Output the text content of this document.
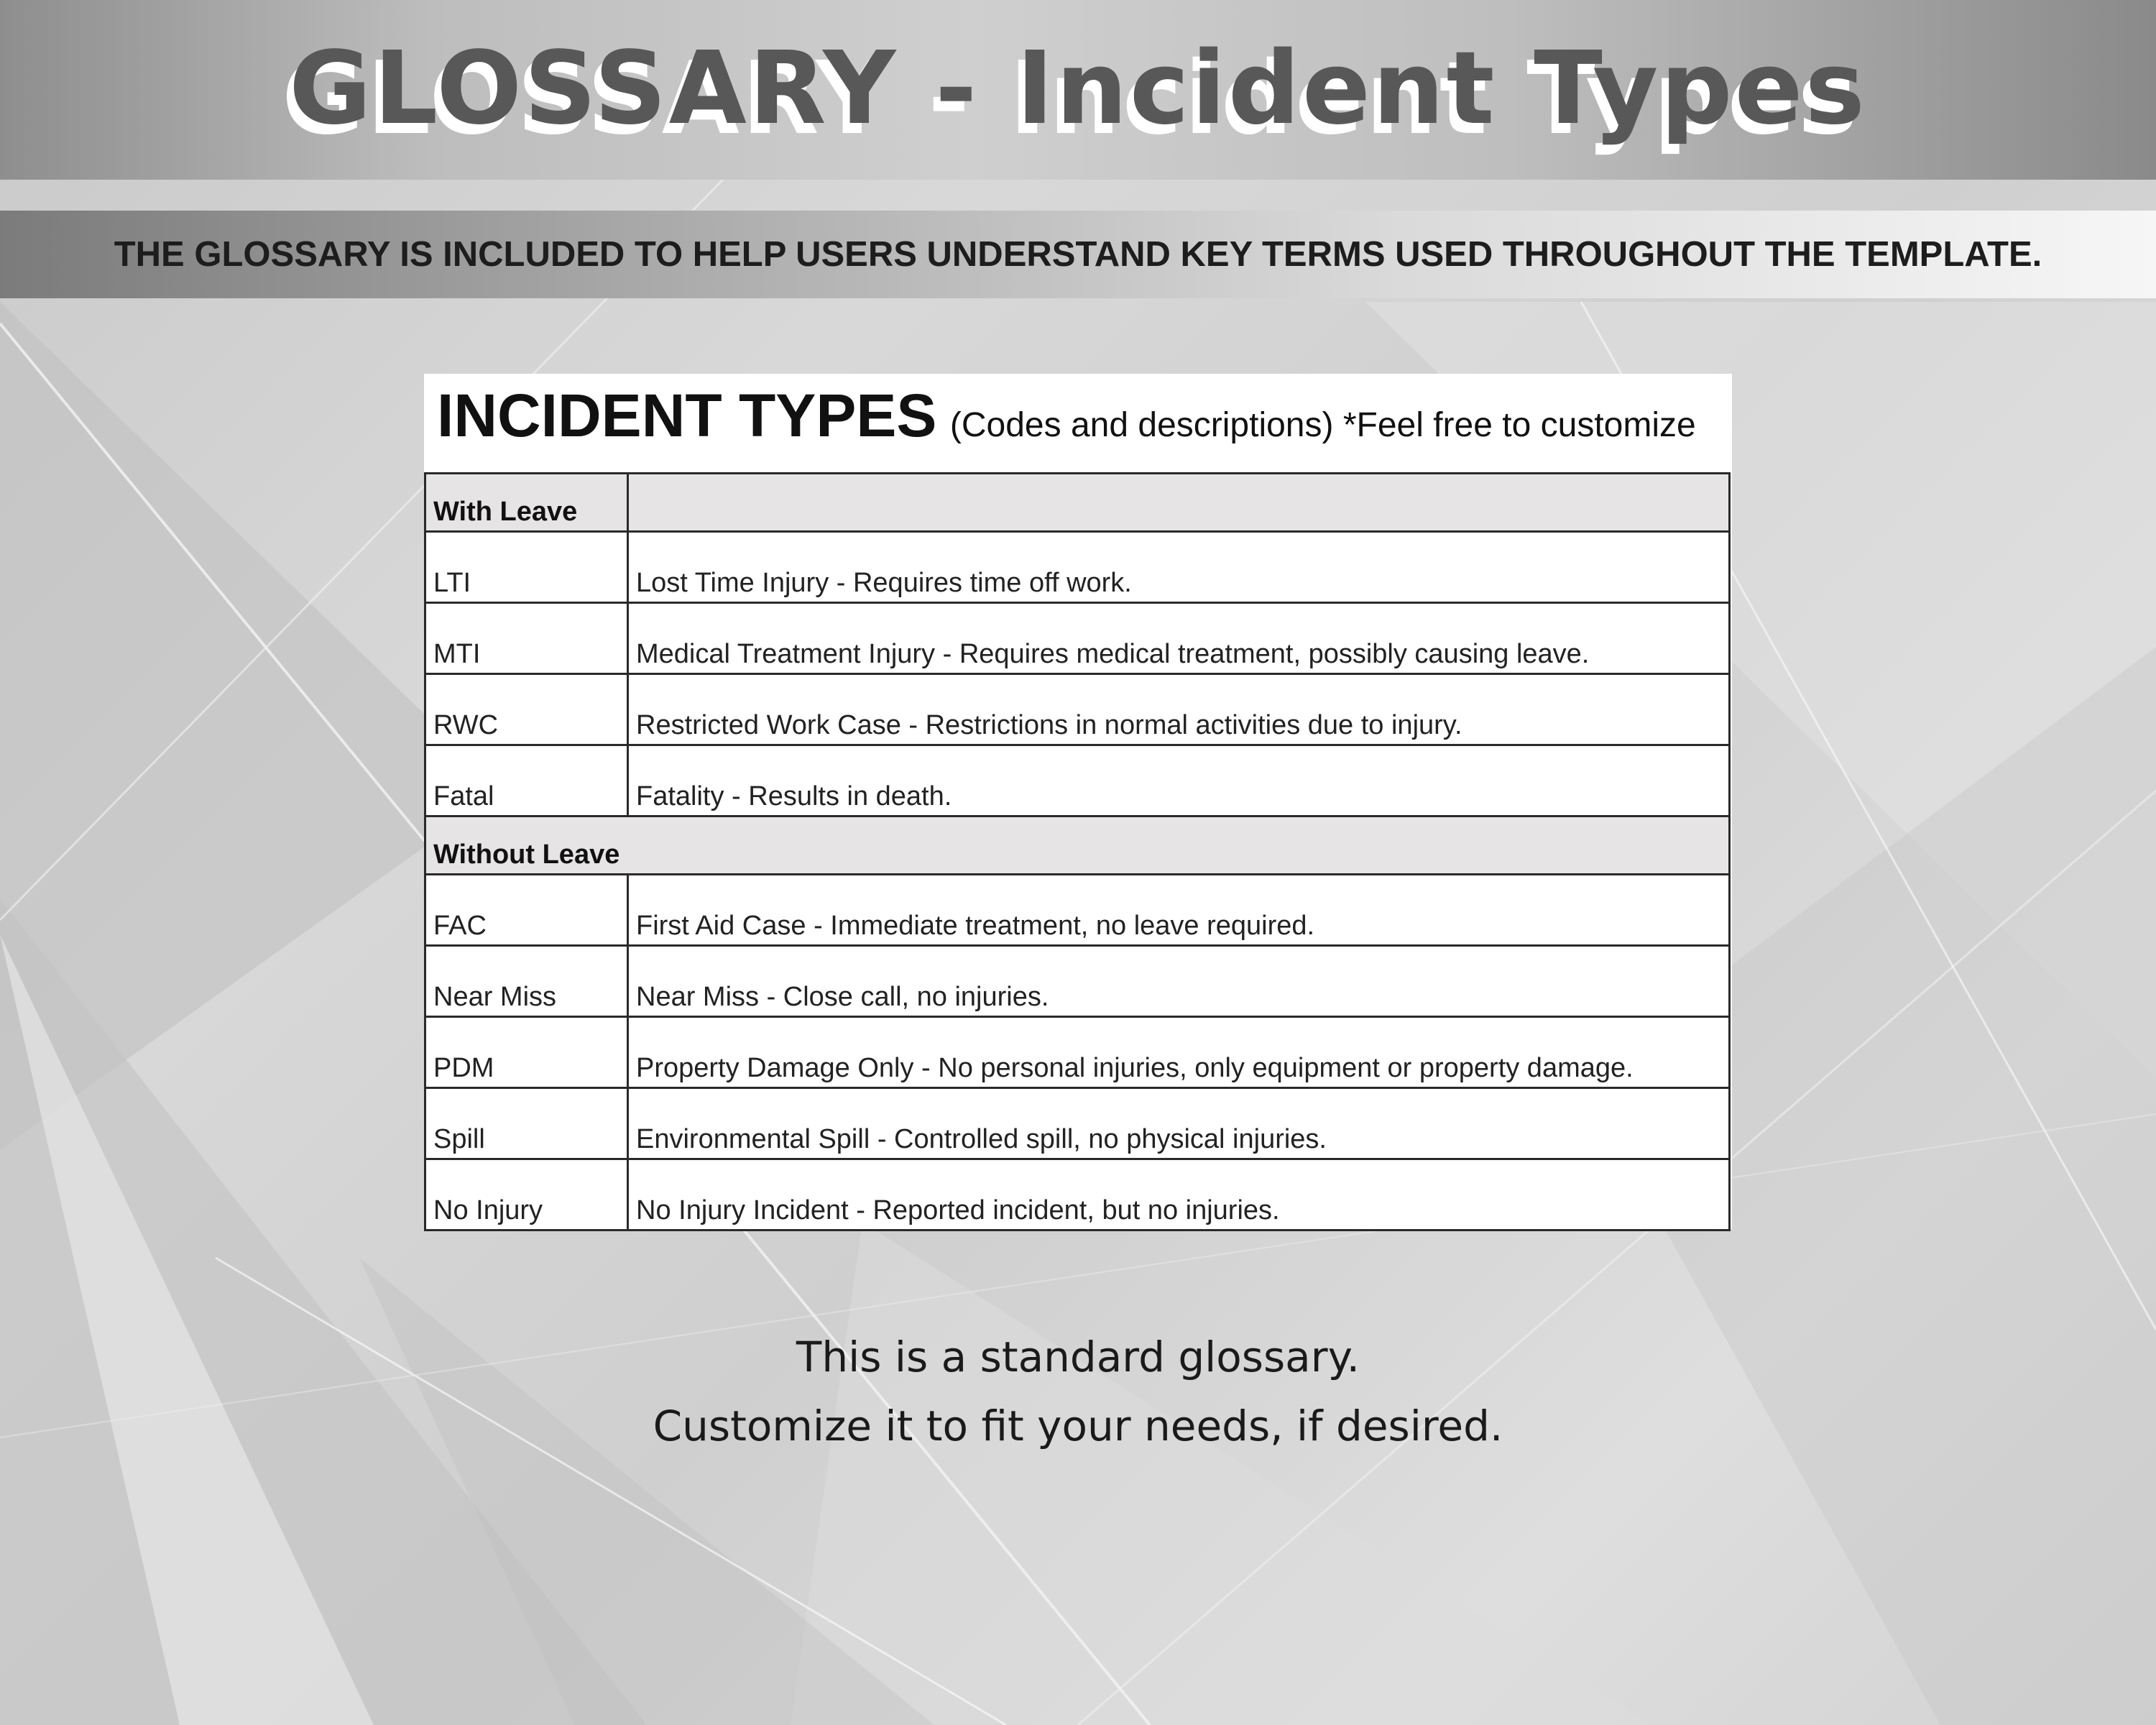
GLOSSARY - Incident Types
THE GLOSSARY IS INCLUDED TO HELP USERS UNDERSTAND KEY TERMS USED THROUGHOUT THE TEMPLATE.
INCIDENT TYPES (Codes and descriptions) *Feel free to customize
With Leave	
LTI	Lost Time Injury - Requires time off work.
MTI	Medical Treatment Injury - Requires medical treatment, possibly causing leave.
RWC	Restricted Work Case - Restrictions in normal activities due to injury.
Fatal	Fatality - Results in death.
Without Leave	
FAC	First Aid Case - Immediate treatment, no leave required.
Near Miss	Near Miss - Close call, no injuries.
PDM	Property Damage Only - No personal injuries, only equipment or property damage.
Spill	Environmental Spill - Controlled spill, no physical injuries.
No Injury	No Injury Incident - Reported incident, but no injuries.
This is a standard glossary.
Customize it to fit your needs, if desired.
